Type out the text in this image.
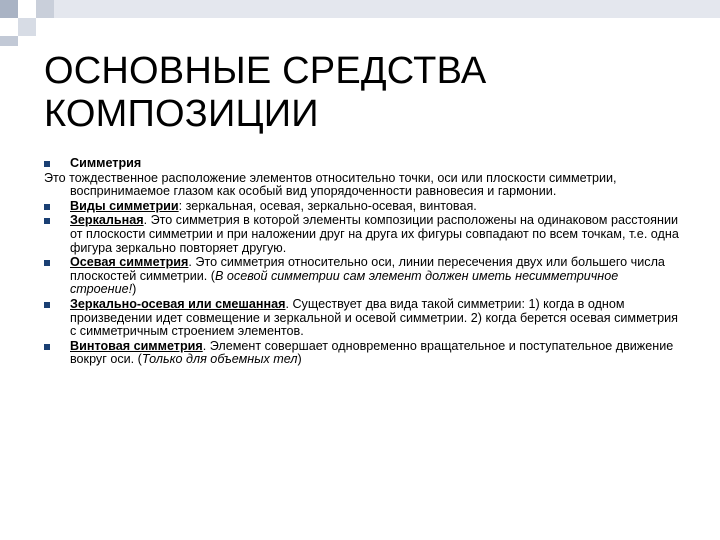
ОСНОВНЫЕ СРЕДСТВА
КОМПОЗИЦИИ
Симметрия
Это тождественное расположение элементов относительно точки, оси или плоскости симметрии, воспринимаемое глазом как особый вид упорядоченности равновесия и гармонии.
Виды симметрии: зеркальная, осевая, зеркально-осевая, винтовая.
Зеркальная. Это симметрия в которой элементы композиции расположены на одинаковом расстоянии от плоскости симметрии и при наложении друг на друга их фигуры совпадают по всем точкам, т.е. одна фигура зеркально повторяет другую.
Осевая симметрия. Это симметрия относительно оси, линии пересечения двух или большего числа плоскостей симметрии. (В осевой симметрии сам элемент должен иметь несимметричное строение!)
Зеркально-осевая или смешанная. Существует два вида такой симметрии: 1) когда в одном произведении идет совмещение и зеркальной и осевой симметрии. 2) когда берется осевая симметрия с симметричным строением элементов.
Винтовая симметрия. Элемент совершает одновременно вращательное и поступательное движение вокруг оси. (Только для объемных тел)
